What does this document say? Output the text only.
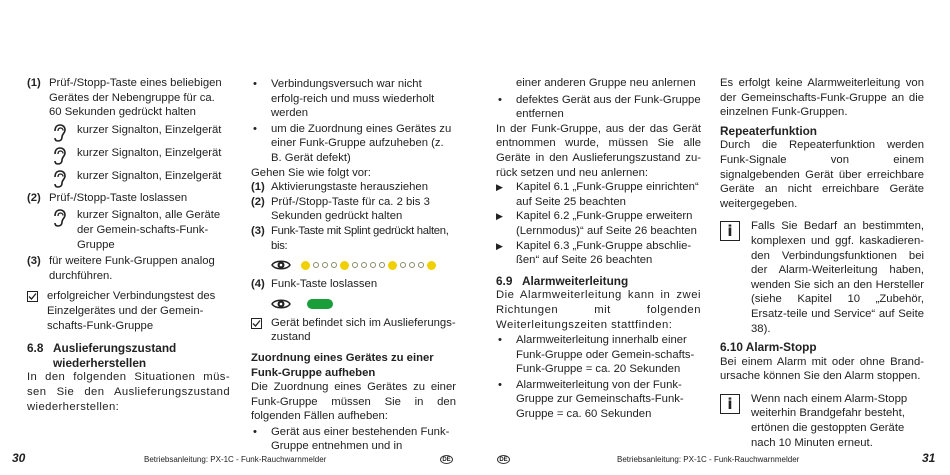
(1) Prüf-/Stopp-Taste eines beliebigen Gerätes der Nebengruppe für ca. 60 Sekunden gedrückt halten
kurzer Signalton, Einzelgerät
kurzer Signalton, Einzelgerät
kurzer Signalton, Einzelgerät
(2) Prüf-/Stopp-Taste loslassen
kurzer Signalton, alle Geräte der Gemein-schafts-Funk-Gruppe
(3) für weitere Funk-Gruppen analog durchführen.
erfolgreicher Verbindungstest des Einzelgerätes und der Gemein-schafts-Funk-Gruppe
6.8 Auslieferungszustand wiederherstellen

In den folgenden Situationen müs-sen Sie den Auslieferungszustand wiederherstellen:

•	Verbindungsversuch war nicht erfolg-reich und muss wiederholt werden
•	um die Zuordnung eines Gerätes zu einer Funk-Gruppe aufzuheben (z. B. Gerät defekt)

Gehen Sie wie folgt vor:

(1) Aktivierungstaste herausziehen
(2) Prüf-/Stopp-Taste für ca. 2 bis 3 Sekunden gedrückt halten
(3) Funk-Taste mit Splint gedrückt halten, bis:
(4) Funk-Taste loslassen
Gerät befindet sich im Auslieferungs-zustand
Zuordnung eines Gerätes zu einer Funk-Gruppe aufheben

Die Zuordnung eines Gerätes zu einer Funk-Gruppe müssen Sie in den folgenden Fällen aufheben:

•	Gerät aus einer bestehenden Funk-Gruppe entnehmen und in
einer anderen Gruppe neu anlernen
•	defektes Gerät aus der Funk-Gruppe entfernen

In der Funk-Gruppe, aus der das Gerät entnommen wurde, müssen Sie alle Geräte in den Auslieferungszustand zu-rück setzen und neu anlernen:

▶	Kapitel 6.1 „Funk-Gruppe einrichten“ auf Seite 25 beachten
▶	Kapitel 6.2 „Funk-Gruppe erweitern (Lernmodus)“ auf Seite 26 beachten
▶	Kapitel 6.3 „Funk-Gruppe abschlie-ßen“ auf Seite 26 beachten
6.9 Alarmweiterleitung

Die Alarmweiterleitung kann in zwei Richtungen mit folgenden Weiterleitungszeiten stattfinden:

•	Alarmweiterleitung innerhalb einer Funk-Gruppe oder Gemein-schafts-Funk-Gruppe = ca. 20 Sekunden
•	Alarmweiterleitung von der Funk-Gruppe zur Gemeinschafts-Funk-Gruppe = ca. 60 Sekunden

Es erfolgt keine Alarmweiterleitung von der Gemeinschafts-Funk-Gruppe an die einzelnen Funk-Gruppen.

Repeaterfunktion

Durch die Repeaterfunktion werden Funk-Signale von einem signalgebenden Gerät über erreichbare Geräte an nicht erreichbare Geräte weitergegeben.

i	Falls Sie Bedarf an bestimmten, komplexen und ggf. kaskadieren-den Verbindungsfunktionen bei der Alarm-Weiterleitung haben, wenden Sie sich an den Hersteller (siehe Kapitel 10 „Zubehör, Ersatz-teile und Service“ auf Seite 38).
6.10 Alarm-Stopp

Bei einem Alarm mit oder ohne Brand-ursache können Sie den Alarm stoppen.

i	Wenn nach einem Alarm-Stopp weiterhin Brandgefahr besteht, ertönen die gestoppten Geräte nach 10 Minuten erneut.
30	Betriebsanleitung: PX-1C - Funk-Rauchwarnmelder	DE	DE	Betriebsanleitung: PX-1C - Funk-Rauchwarnmelder	31
